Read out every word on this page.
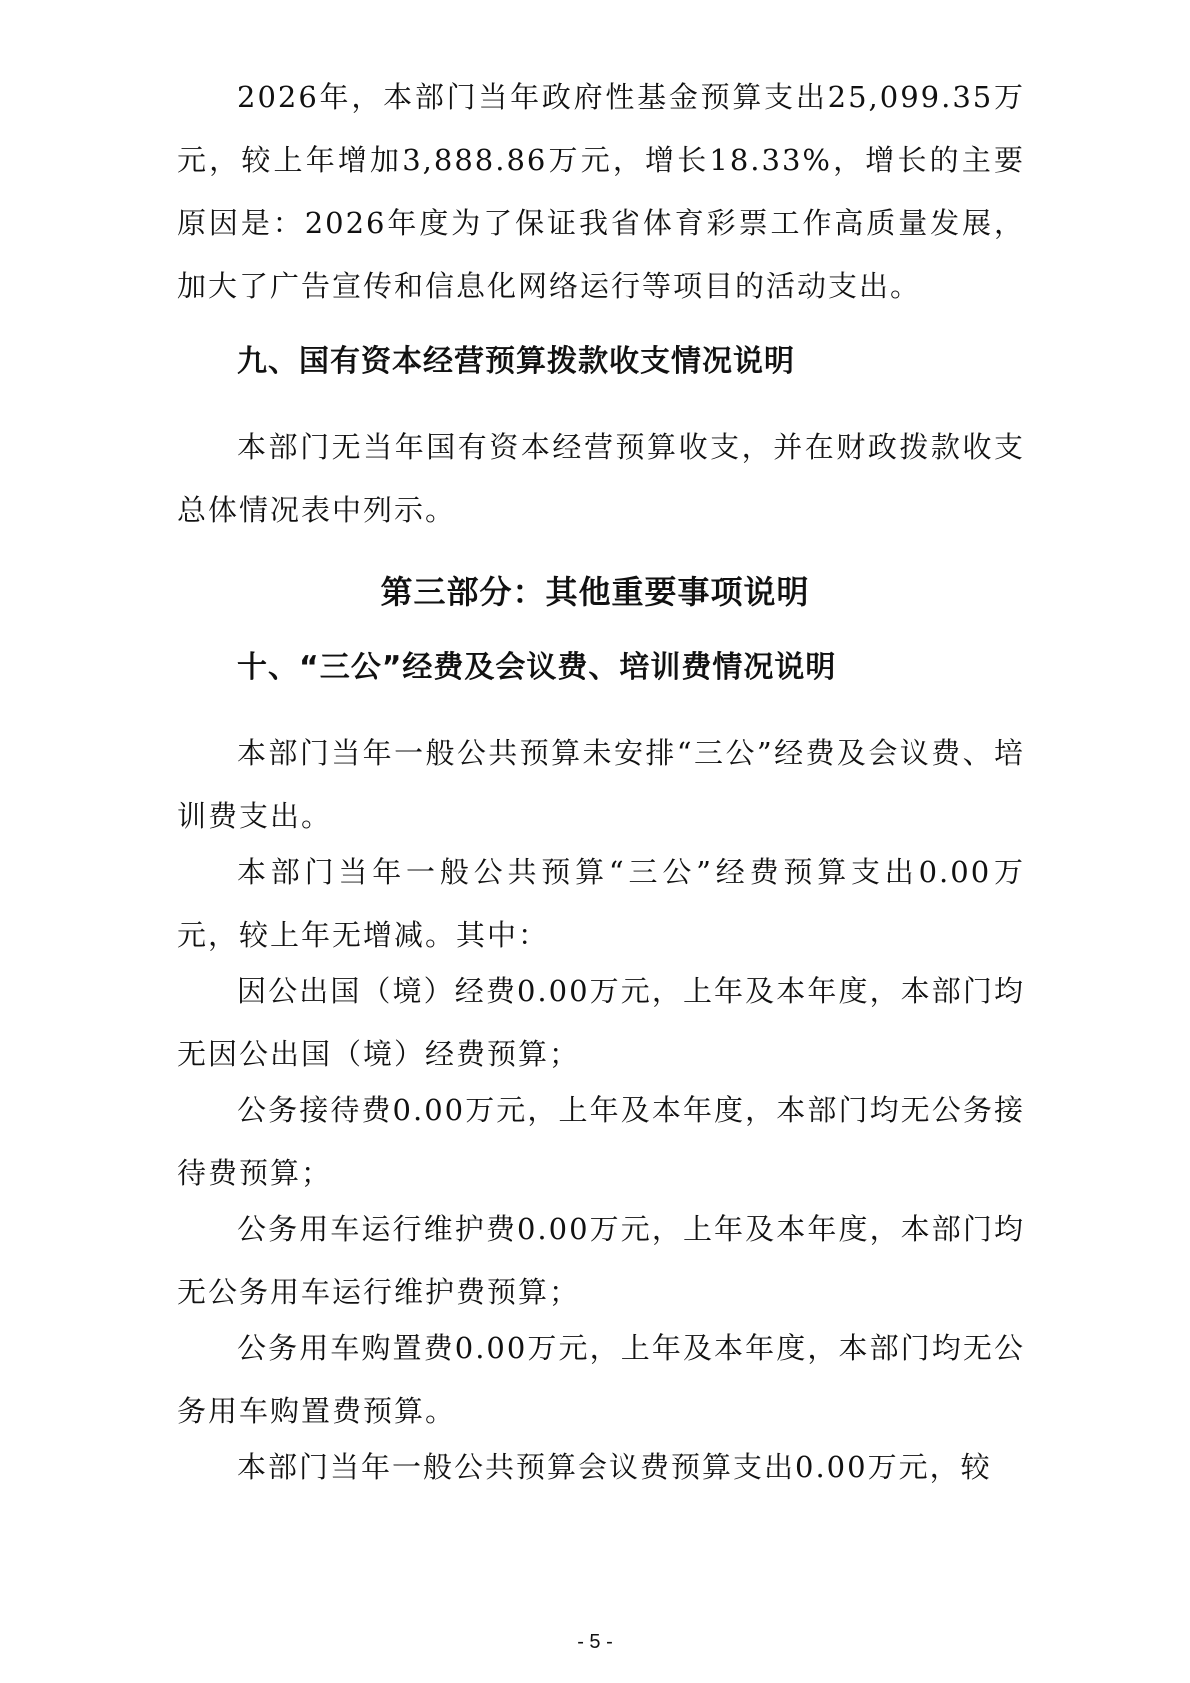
2026年，本部门当年政府性基金预算支出25,099.35万元，较上年增加3,888.86万元，增长18.33%，增长的主要原因是：2026年度为了保证我省体育彩票工作高质量发展，加大了广告宣传和信息化网络运行等项目的活动支出。

九、国有资本经营预算拨款收支情况说明

本部门无当年国有资本经营预算收支，并在财政拨款收支总体情况表中列示。

第三部分：其他重要事项说明
十、“三公”经费及会议费、培训费情况说明

本部门当年一般公共预算未安排“三公”经费及会议费、培训费支出。

本部门当年一般公共预算“三公”经费预算支出0.00万元，较上年无增减。其中：

因公出国（境）经费0.00万元，上年及本年度，本部门均无因公出国（境）经费预算；

公务接待费0.00万元，上年及本年度，本部门均无公务接待费预算；

公务用车运行维护费0.00万元，上年及本年度，本部门均无公务用车运行维护费预算；

公务用车购置费0.00万元，上年及本年度，本部门均无公务用车购置费预算。

本部门当年一般公共预算会议费预算支出0.00万元，较

- 5 -
